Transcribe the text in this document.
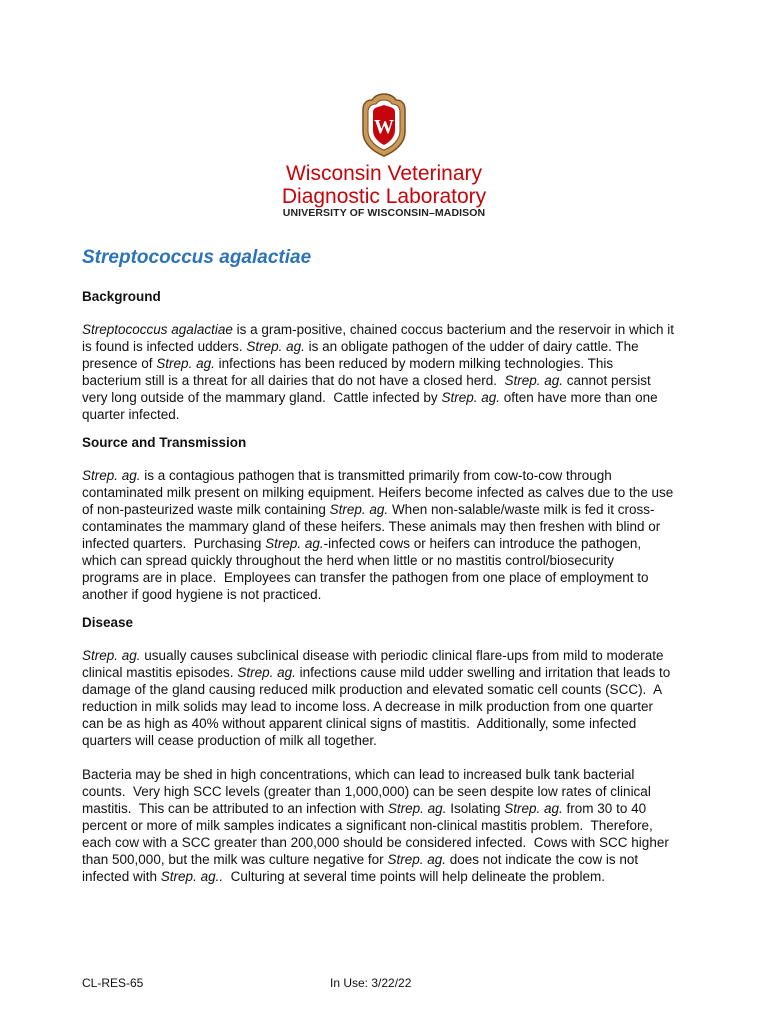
W
Wisconsin Veterinary
Diagnostic Laboratory
UNIVERSITY OF WISCONSIN–MADISON
Streptococcus agalactiae
Background

Streptococcus agalactiae is a gram-positive, chained coccus bacterium and the reservoir in which it
is found is infected udders. Strep. ag. is an obligate pathogen of the udder of dairy cattle. The
presence of Strep. ag. infections has been reduced by modern milking technologies. This
bacterium still is a threat for all dairies that do not have a closed herd.  Strep. ag. cannot persist
very long outside of the mammary gland.  Cattle infected by Strep. ag. often have more than one
quarter infected.

Source and Transmission

Strep. ag. is a contagious pathogen that is transmitted primarily from cow-to-cow through
contaminated milk present on milking equipment. Heifers become infected as calves due to the use
of non-pasteurized waste milk containing Strep. ag. When non-salable/waste milk is fed it cross-
contaminates the mammary gland of these heifers. These animals may then freshen with blind or
infected quarters.  Purchasing Strep. ag.-infected cows or heifers can introduce the pathogen,
which can spread quickly throughout the herd when little or no mastitis control/biosecurity
programs are in place.  Employees can transfer the pathogen from one place of employment to
another if good hygiene is not practiced.

Disease

Strep. ag. usually causes subclinical disease with periodic clinical flare-ups from mild to moderate
clinical mastitis episodes. Strep. ag. infections cause mild udder swelling and irritation that leads to
damage of the gland causing reduced milk production and elevated somatic cell counts (SCC).  A
reduction in milk solids may lead to income loss. A decrease in milk production from one quarter
can be as high as 40% without apparent clinical signs of mastitis.  Additionally, some infected
quarters will cease production of milk all together.

Bacteria may be shed in high concentrations, which can lead to increased bulk tank bacterial
counts.  Very high SCC levels (greater than 1,000,000) can be seen despite low rates of clinical
mastitis.  This can be attributed to an infection with Strep. ag. Isolating Strep. ag. from 30 to 40
percent or more of milk samples indicates a significant non-clinical mastitis problem.  Therefore,
each cow with a SCC greater than 200,000 should be considered infected.  Cows with SCC higher
than 500,000, but the milk was culture negative for Strep. ag. does not indicate the cow is not
infected with Strep. ag..  Culturing at several time points will help delineate the problem.

CL-RES-65	In Use: 3/22/22
